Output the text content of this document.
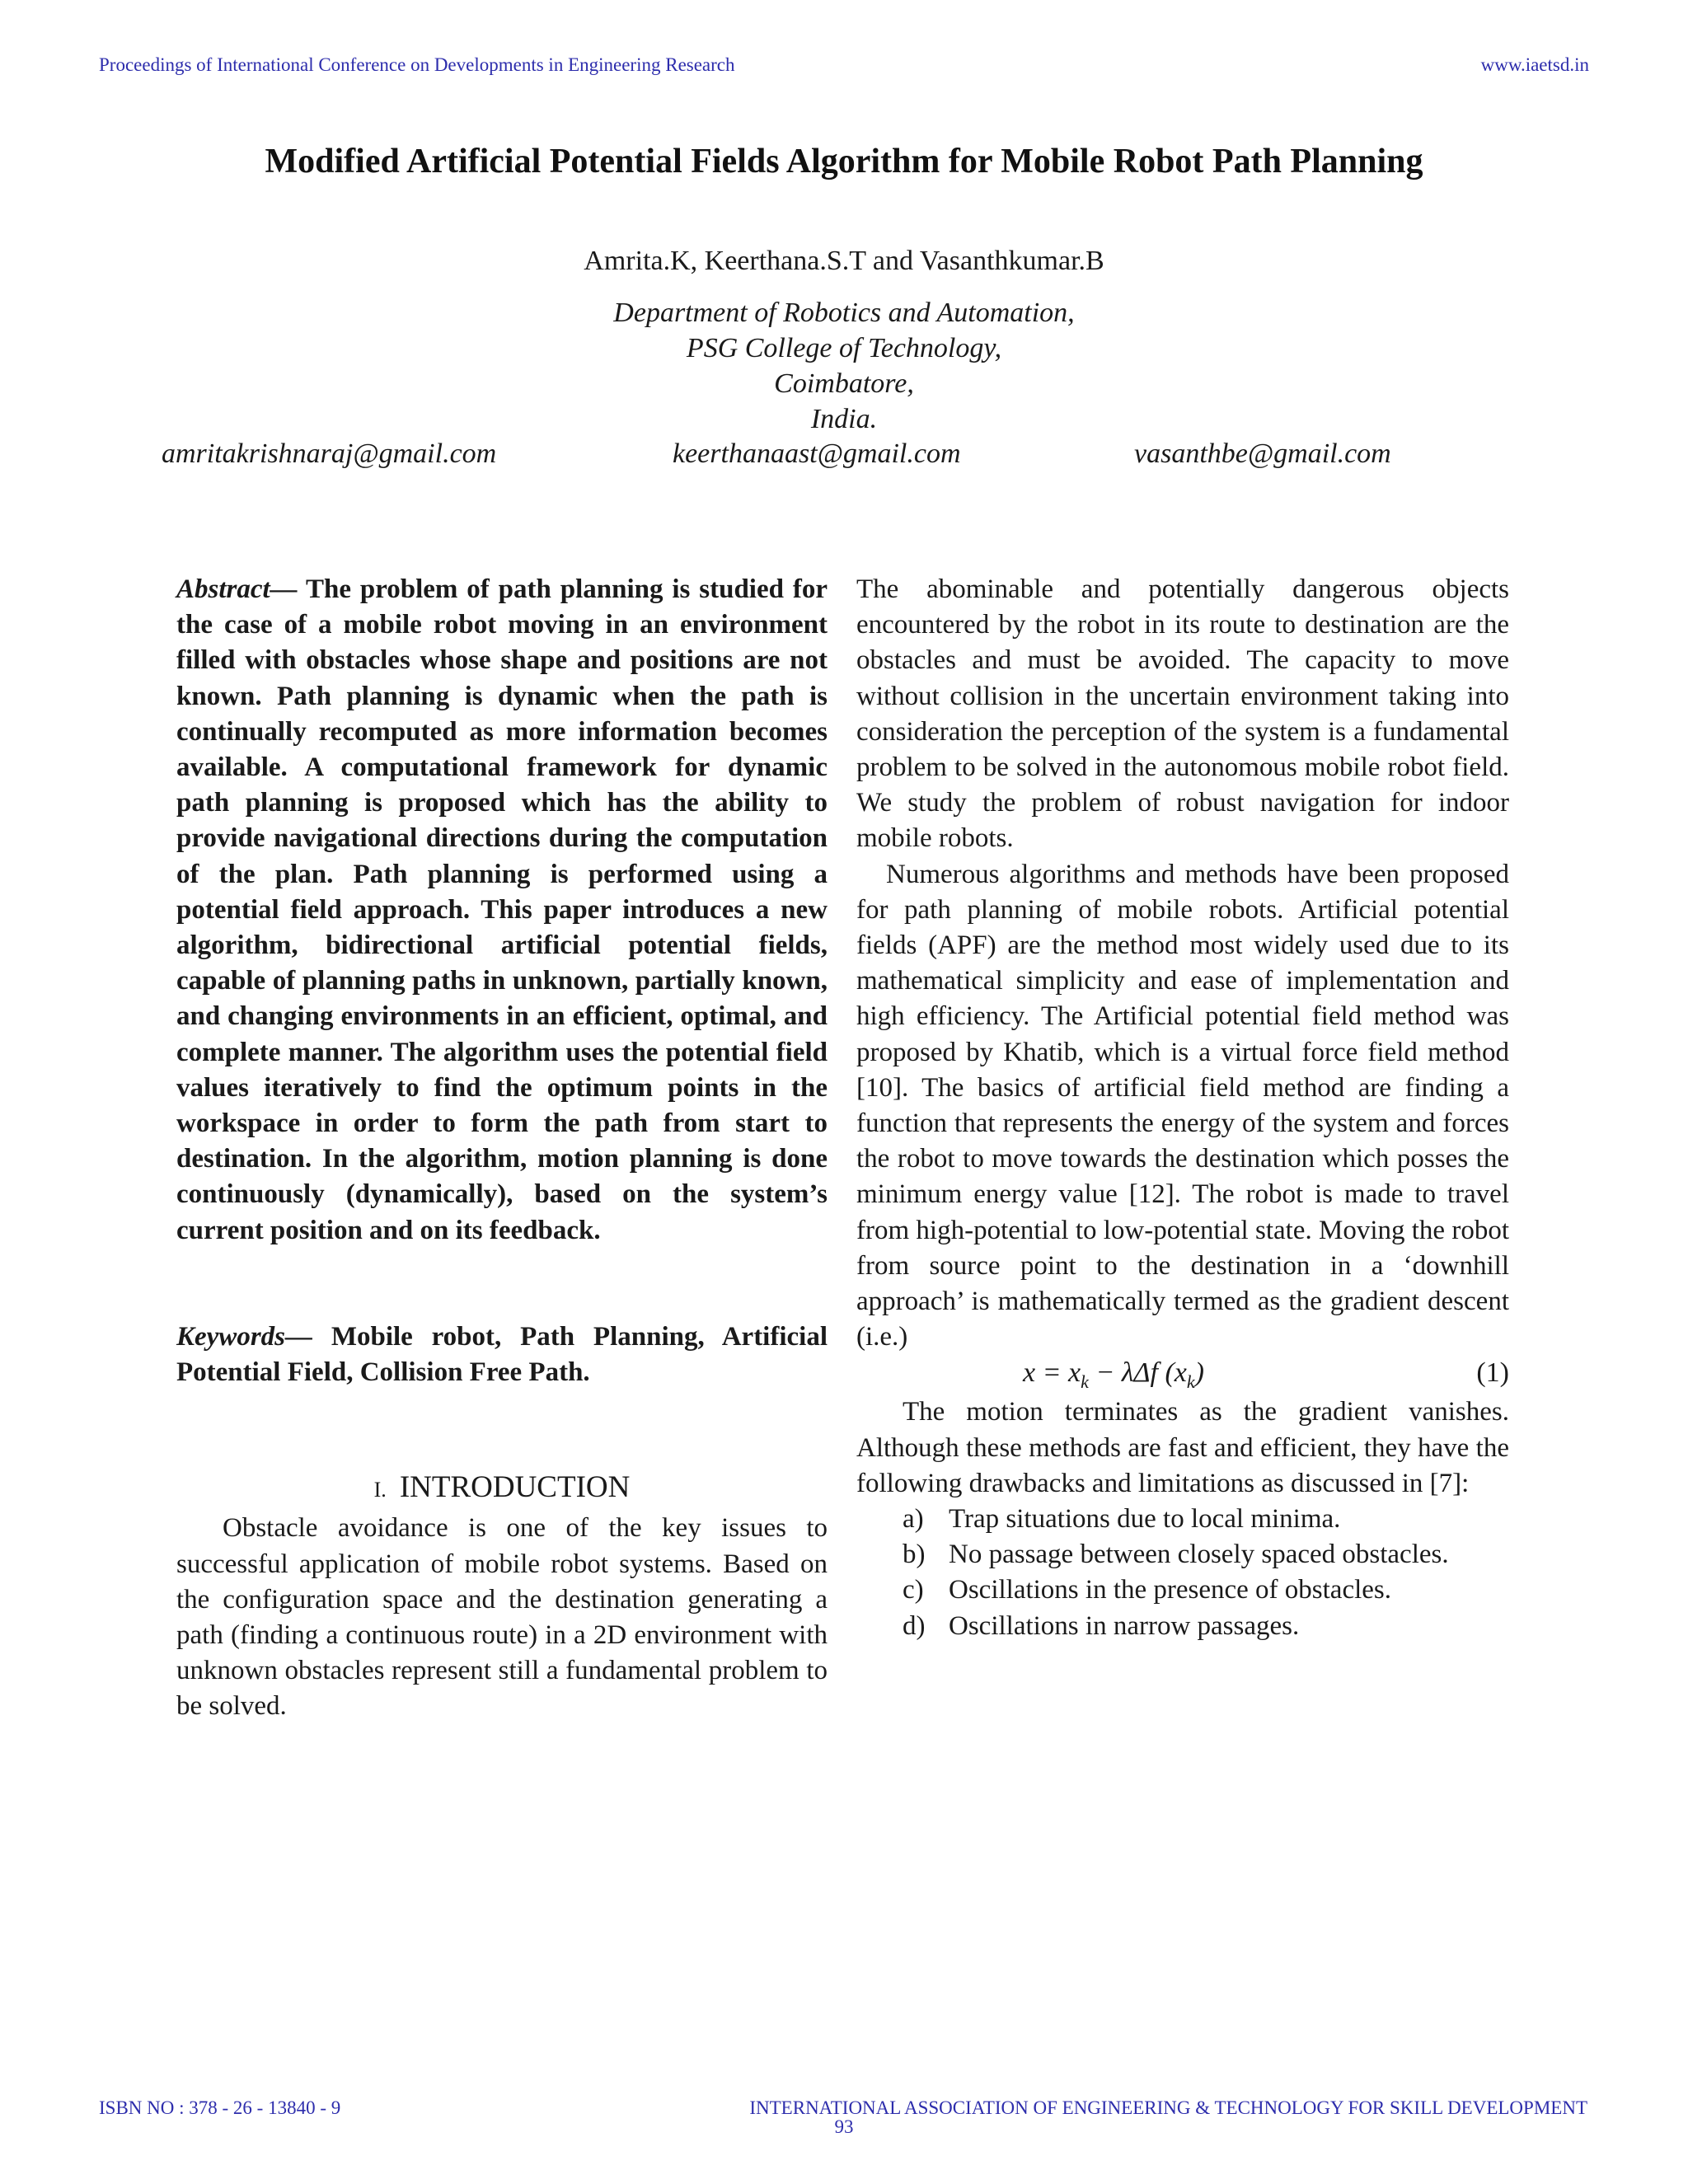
Proceedings of International Conference on Developments in Engineering Research	www.iaetsd.in
Modified Artificial Potential Fields Algorithm for Mobile Robot Path Planning
Amrita.K, Keerthana.S.T and Vasanthkumar.B
Department of Robotics and Automation,
PSG College of Technology,
Coimbatore,
India.
amritakrishnaraj@gmail.com	keerthanaast@gmail.com	vasanthbe@gmail.com

Abstract— The problem of path planning is studied for the case of a mobile robot moving in an environment filled with obstacles whose shape and positions are not known. Path planning is dynamic when the path is continually recomputed as more information becomes available. A computational framework for dynamic path planning is proposed which has the ability to provide navigational directions during the computation of the plan. Path planning is performed using a potential field approach. This paper introduces a new algorithm, bidirectional artificial potential fields, capable of planning paths in unknown, partially known, and changing environments in an efficient, optimal, and complete manner. The algorithm uses the potential field values iteratively to find the optimum points in the workspace in order to form the path from start to destination. In the algorithm, motion planning is done continuously (dynamically), based on the system’s current position and on its feedback.

Keywords— Mobile robot, Path Planning, Artificial Potential Field, Collision Free Path.

I. INTRODUCTION

Obstacle avoidance is one of the key issues to successful application of mobile robot systems. Based on the configuration space and the destination generating a path (finding a continuous route) in a 2D environment with unknown obstacles represent still a fundamental problem to be solved.

The abominable and potentially dangerous objects encountered by the robot in its route to destination are the obstacles and must be avoided. The capacity to move without collision in the uncertain environment taking into consideration the perception of the system is a fundamental problem to be solved in the autonomous mobile robot field. We study the problem of robust navigation for indoor mobile robots.

Numerous algorithms and methods have been proposed for path planning of mobile robots. Artificial potential fields (APF) are the method most widely used due to its mathematical simplicity and ease of implementation and high efficiency. The Artificial potential field method was proposed by Khatib, which is a virtual force field method [10]. The basics of artificial field method are finding a function that represents the energy of the system and forces the robot to move towards the destination which posses the minimum energy value [12]. The robot is made to travel from high-potential to low-potential state. Moving the robot from source point to the destination in a ‘downhill approach’ is mathematically termed as the gradient descent (i.e.)

$x = x_k - \lambda\Delta f$ $(x_k)$	(1)

The motion terminates as the gradient vanishes. Although these methods are fast and efficient, they have the following drawbacks and limitations as discussed in [7]:

a) Trap situations due to local minima.
b) No passage between closely spaced obstacles.
c) Oscillations in the presence of obstacles.
d) Oscillations in narrow passages.
ISBN NO : 378 - 26 - 13840 - 9	INTERNATIONAL ASSOCIATION OF ENGINEERING & TECHNOLOGY FOR SKILL DEVELOPMENT
93
